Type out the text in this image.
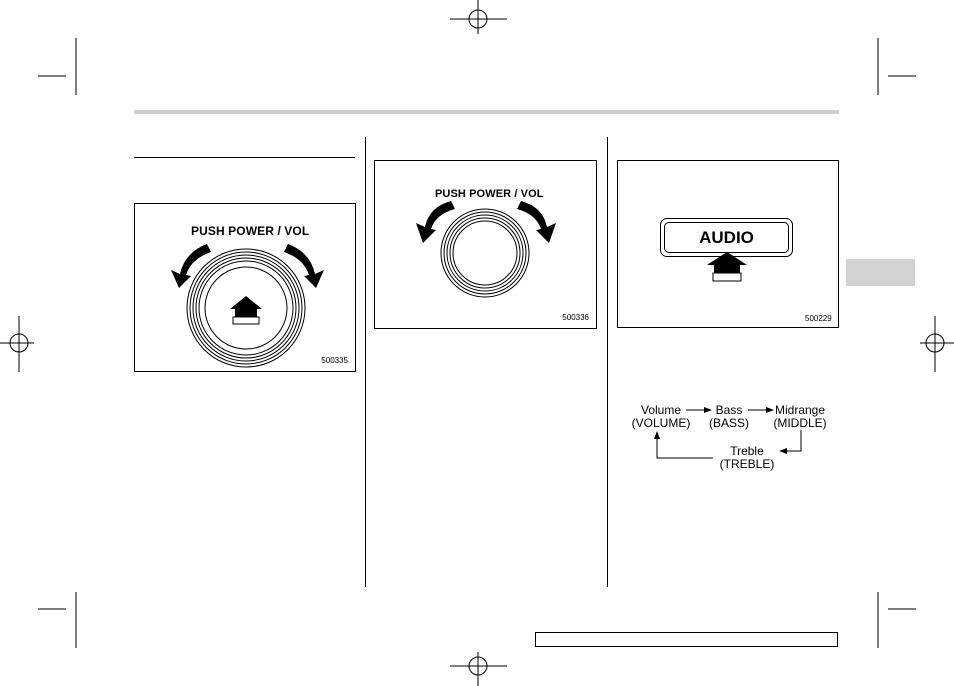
PUSH POWER / VOL
500335
PUSH POWER / VOL
500336
AUDIO
500229
Volume
(VOLUME)
Bass
(BASS)
Midrange
(MIDDLE)
Treble
(TREBLE)
